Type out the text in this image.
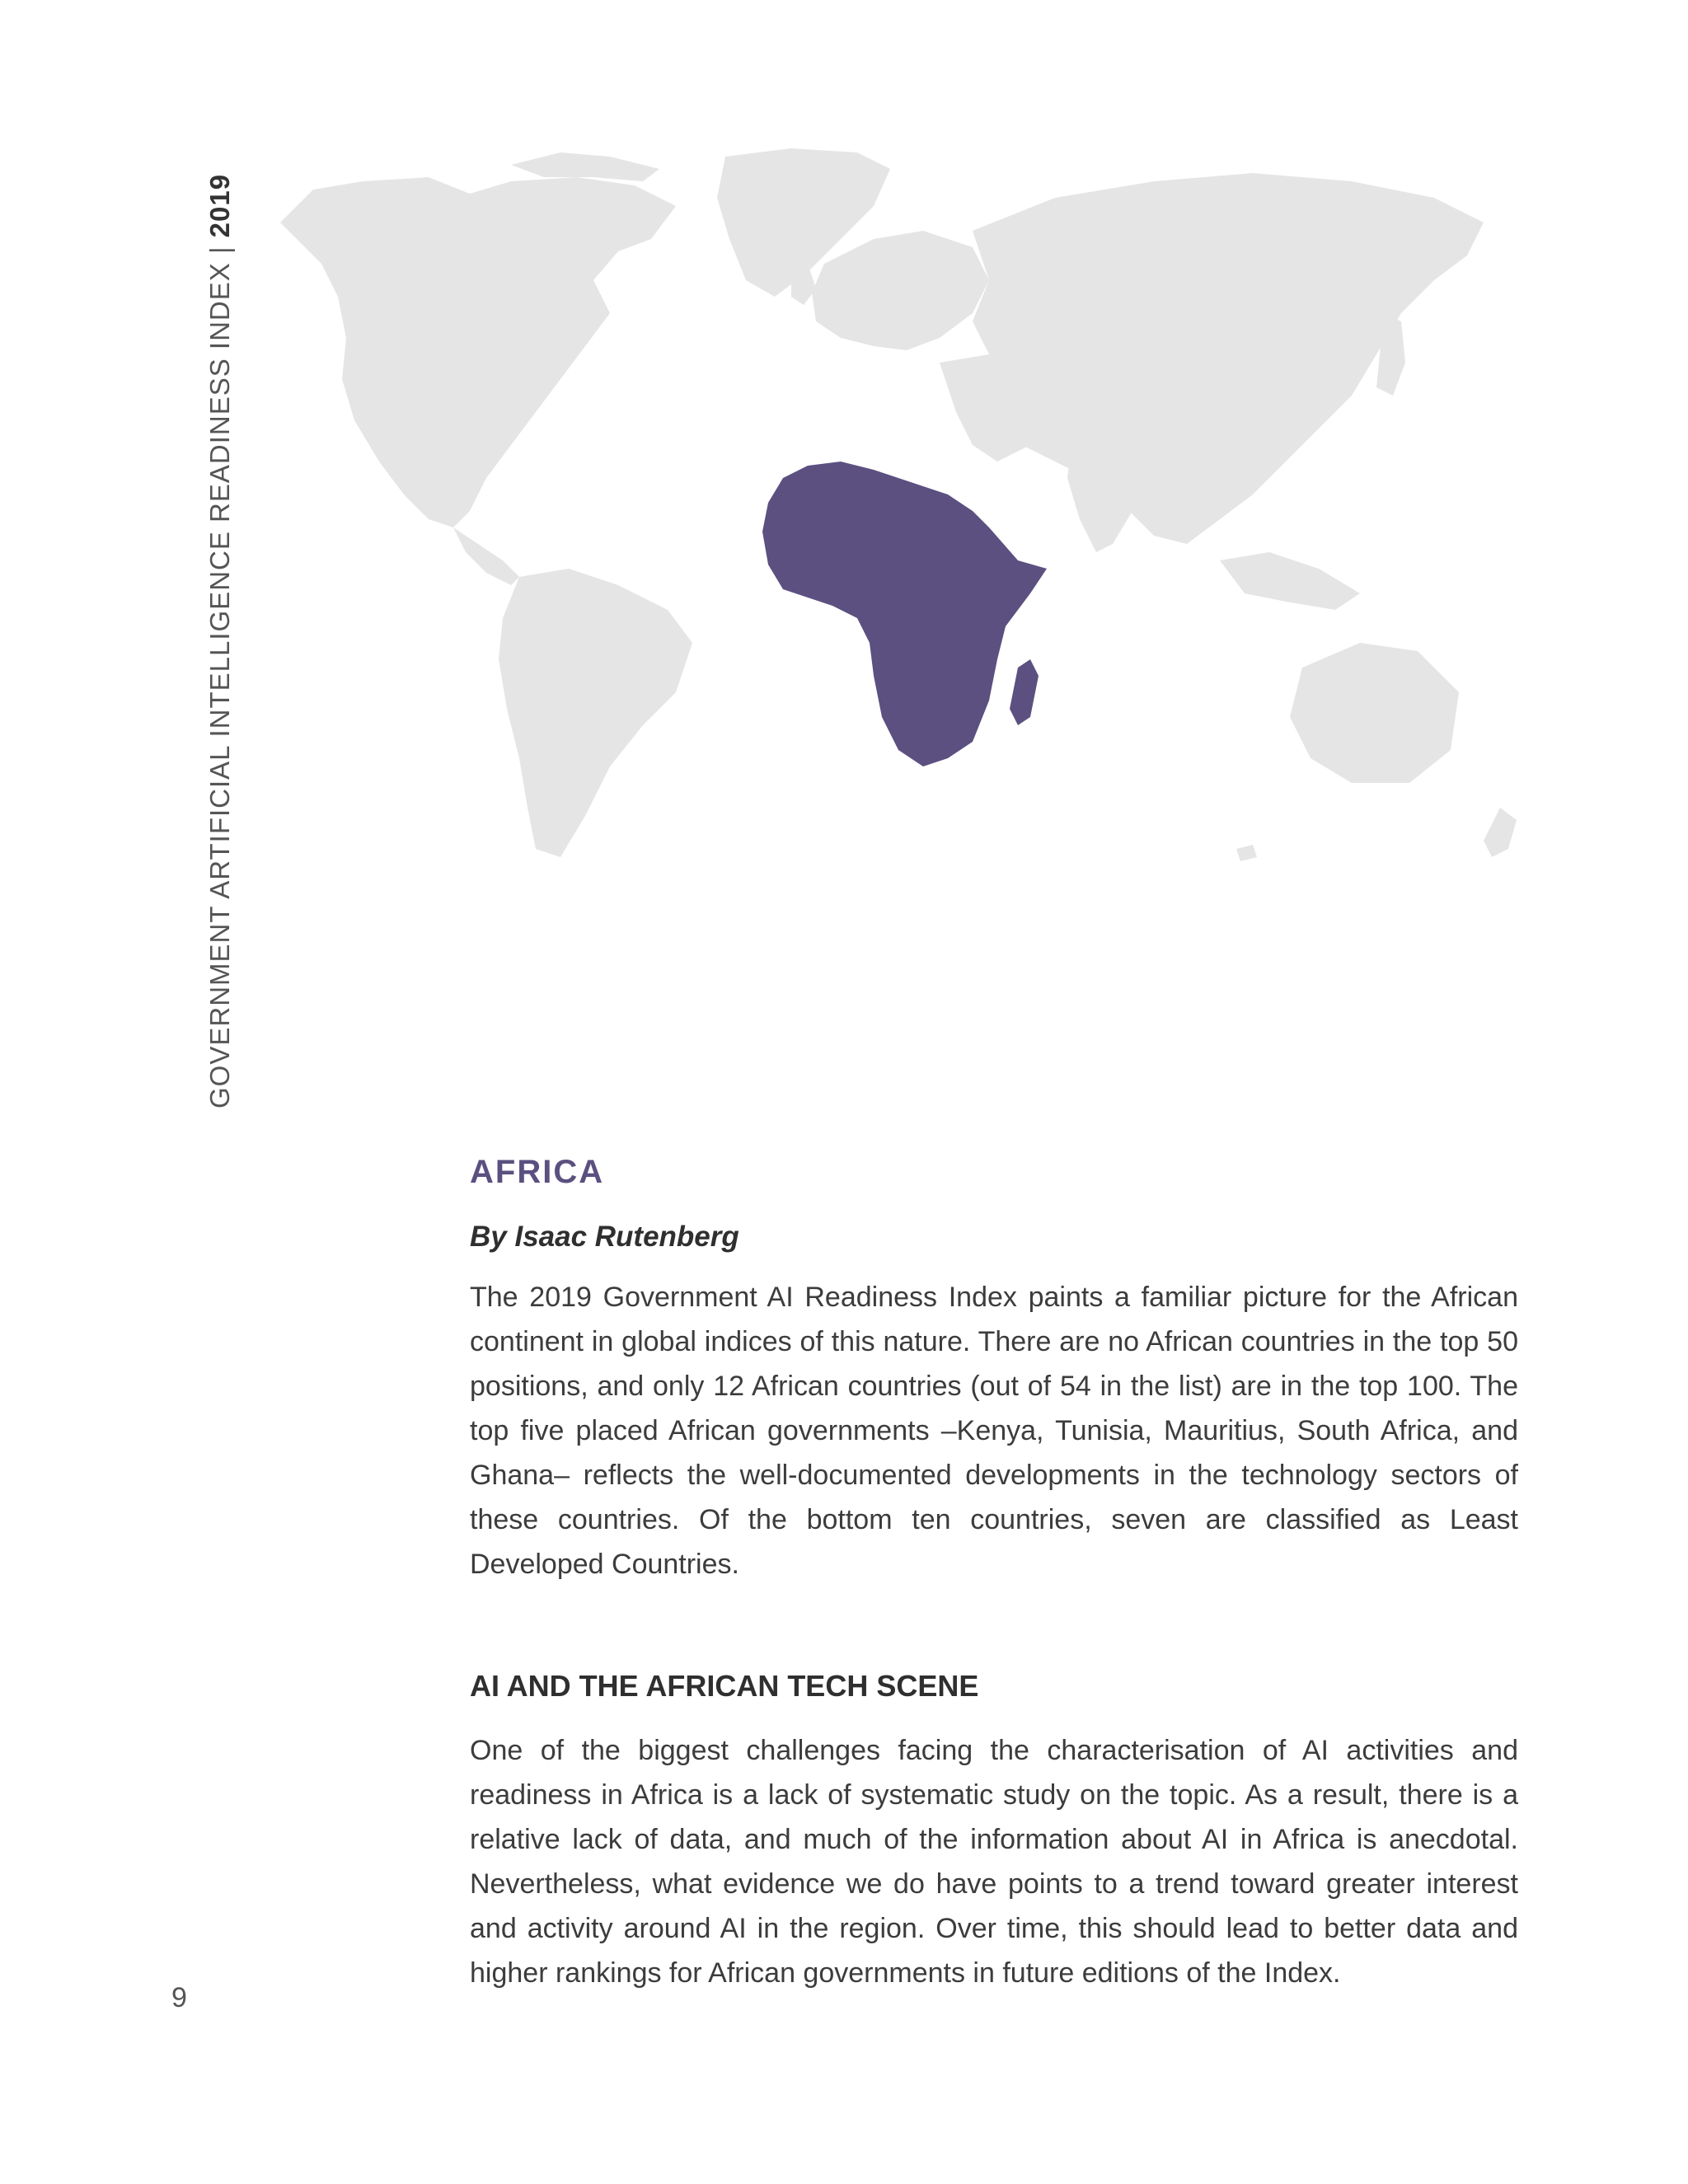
GOVERNMENT ARTIFICIAL INTELLIGENCE READINESS INDEX | 2019
AFRICA

By Isaac Rutenberg

The 2019 Government AI Readiness Index paints a familiar picture for the African continent in global indices of this nature. There are no African countries in the top 50 positions, and only 12 African countries (out of 54 in the list) are in the top 100. The top five placed African governments –Kenya, Tunisia, Mauritius, South Africa, and Ghana– reflects the well-documented developments in the technology sectors of these countries. Of the bottom ten countries, seven are classified as Least Developed Countries.

AI AND THE AFRICAN TECH SCENE

One of the biggest challenges facing the characterisation of AI activities and readiness in Africa is a lack of systematic study on the topic. As a result, there is a relative lack of data, and much of the information about AI in Africa is anecdotal. Nevertheless, what evidence we do have points to a trend toward greater interest and activity around AI in the region. Over time, this should lead to better data and higher rankings for African governments in future editions of the Index.

9
